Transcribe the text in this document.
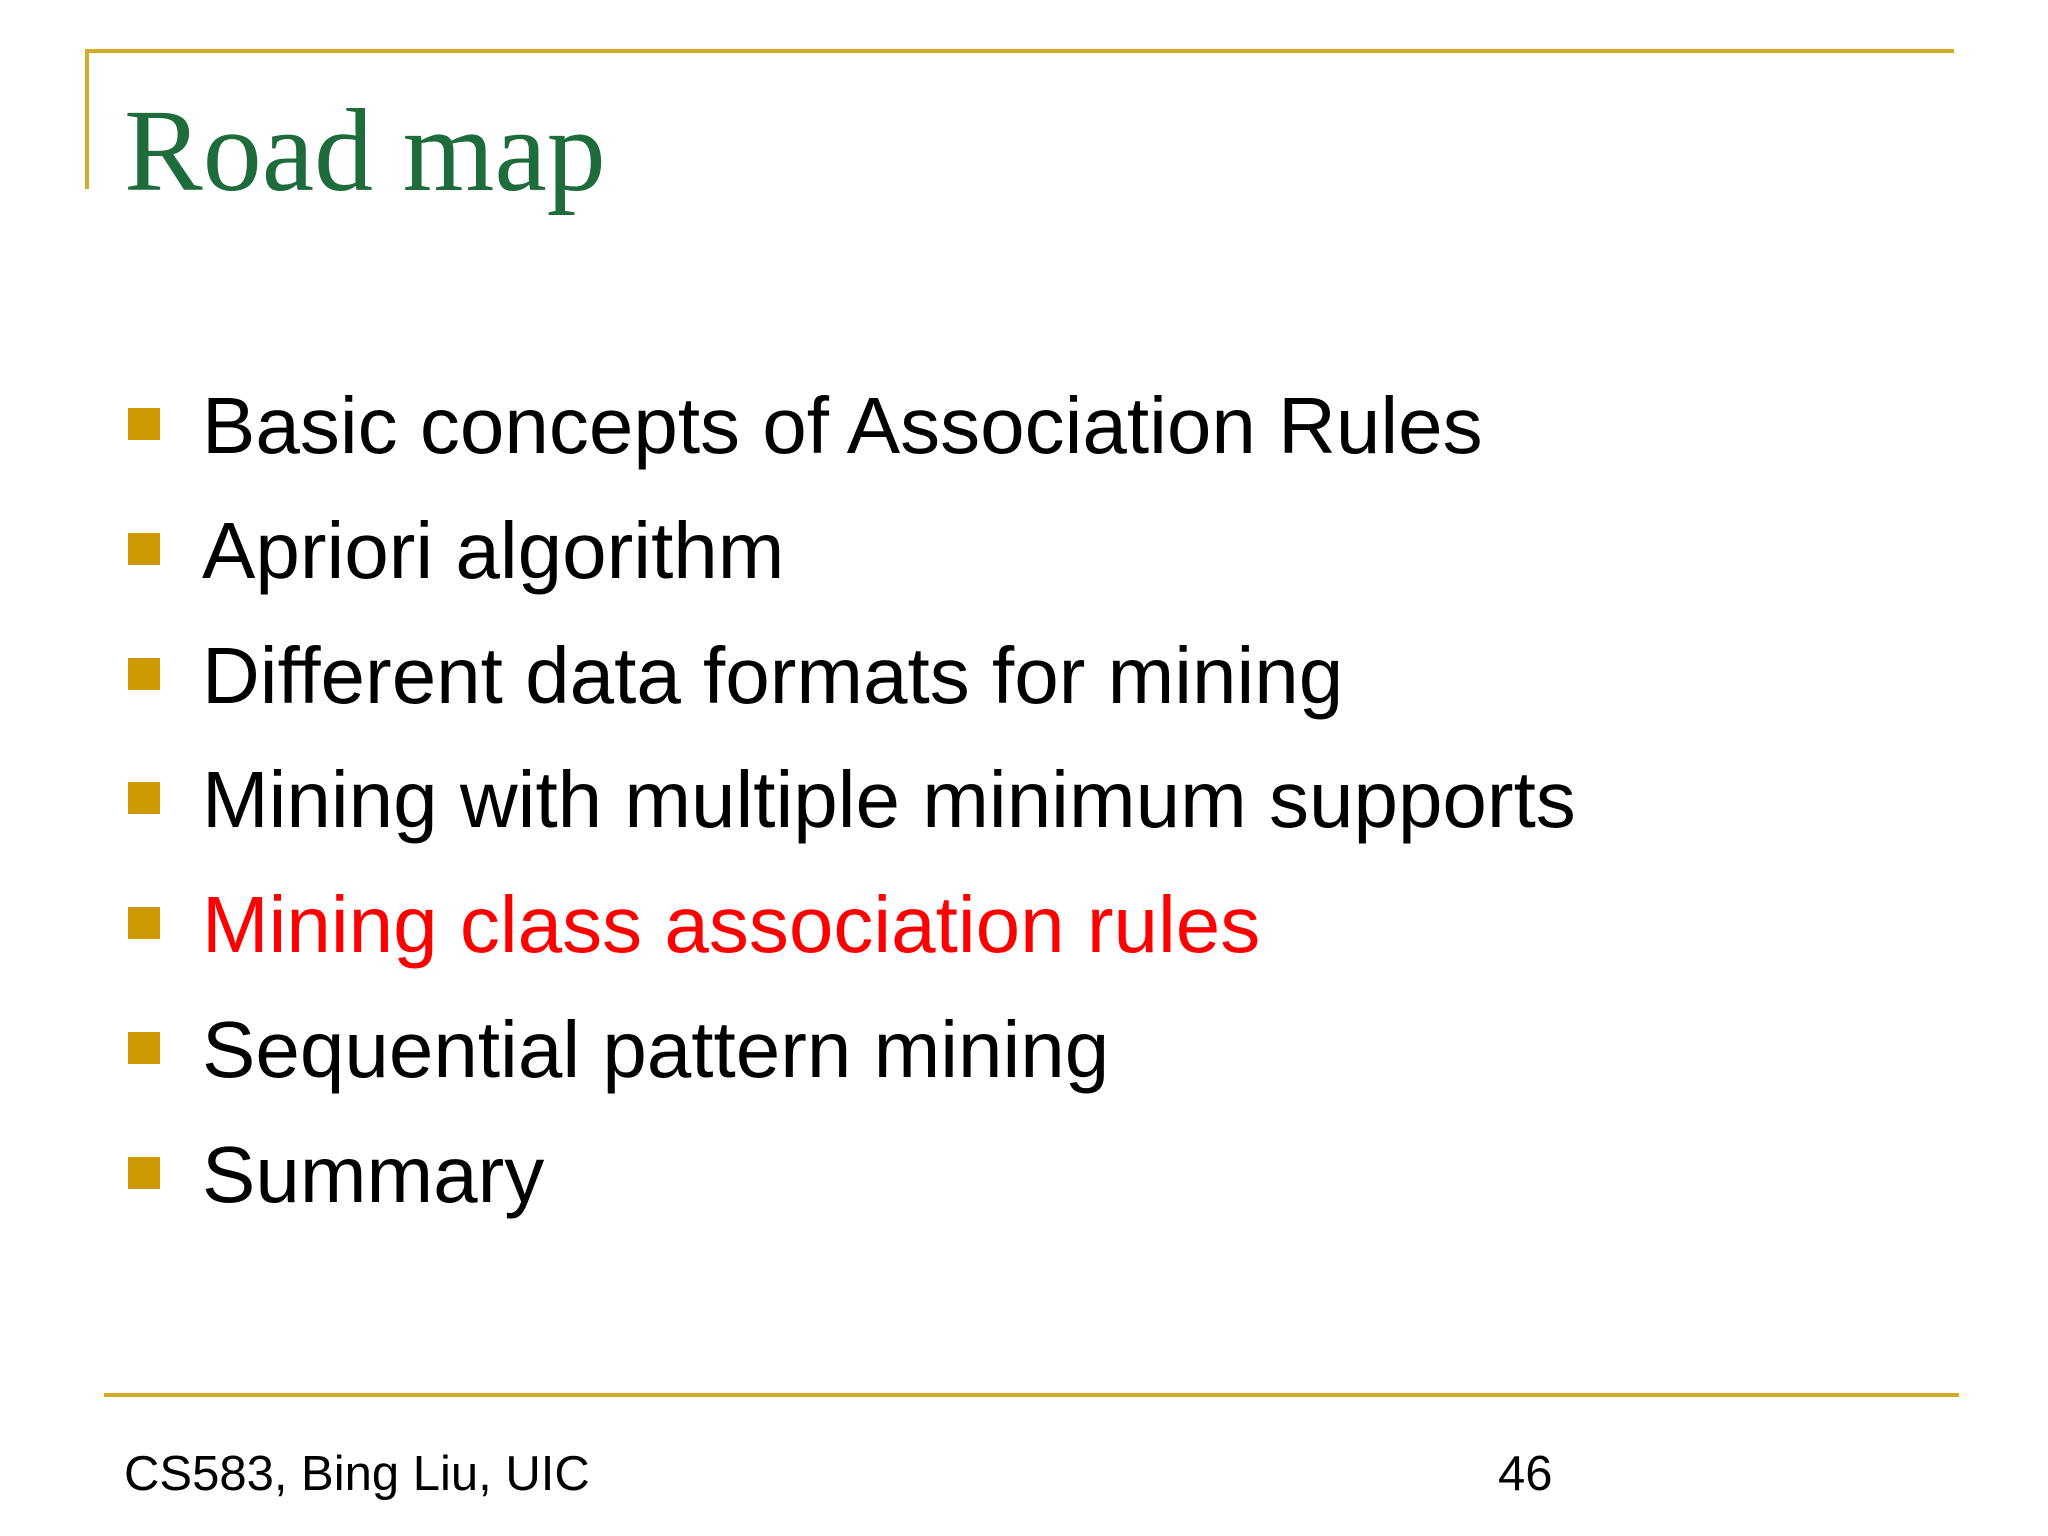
Road map
Basic concepts of Association Rules
Apriori algorithm
Different data formats for mining
Mining with multiple minimum supports
Mining class association rules
Sequential pattern mining
Summary
CS583, Bing Liu, UIC	46
